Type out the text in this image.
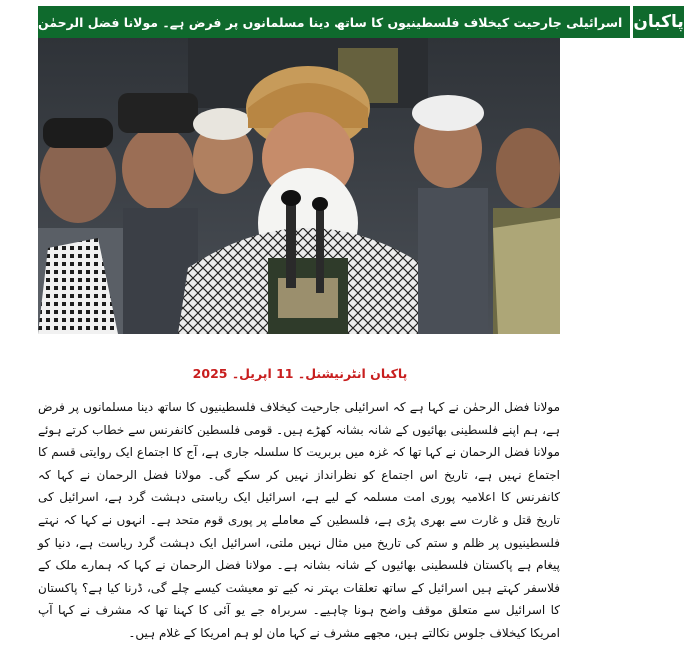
اسرائیلی جارحیت کیخلاف فلسطینیوں کا ساتھ دینا مسلمانوں پر فرض ہے۔ مولانا فضل الرحمٰن پاکبان
پاکبان انٹرنیشنل۔ 11 اپریل۔ 2025

مولانا فضل الرحمٰن نے کہا ہے کہ اسرائیلی جارحیت کیخلاف فلسطینیوں کا ساتھ دینا مسلمانوں پر فرض ہے، ہم اپنے فلسطینی بھائیوں کے شانہ بشانہ کھڑے ہیں۔ قومی فلسطین کانفرنس سے خطاب کرتے ہوئے مولانا فضل الرحمان نے کہا تھا کہ غزہ میں بربریت کا سلسلہ جاری ہے، آج کا اجتماع ایک روایتی قسم کا اجتماع نہیں ہے، تاریخ اس اجتماع کو نظرانداز نہیں کر سکے گی۔ مولانا فضل الرحمان نے کہا کہ کانفرنس کا اعلامیہ پوری امت مسلمہ کے لیے ہے، اسرائیل ایک ریاستی دہشت گرد ہے، اسرائیل کی تاریخ قتل و غارت سے بھری پڑی ہے، فلسطین کے معاملے پر پوری قوم متحد ہے۔ انہوں نے کہا کہ نہتے فلسطینیوں پر ظلم و ستم کی تاریخ میں مثال نہیں ملتی، اسرائیل ایک دہشت گرد ریاست ہے، دنیا کو پیغام ہے پاکستان فلسطینی بھائیوں کے شانہ بشانہ ہے۔ مولانا فضل الرحمان نے کہا کہ ہمارے ملک کے فلاسفر کہتے ہیں اسرائیل کے ساتھ تعلقات بہتر نہ کیے تو معیشت کیسے چلے گی، ڈرنا کیا ہے؟ پاکستان کا اسرائیل سے متعلق موقف واضح ہونا چاہیے۔ سربراہ جے یو آئی کا کہنا تھا کہ مشرف نے کہا آپ امریکا کیخلاف جلوس نکالتے ہیں، مجھے مشرف نے کہا مان لو ہم امریکا کے غلام ہیں۔
